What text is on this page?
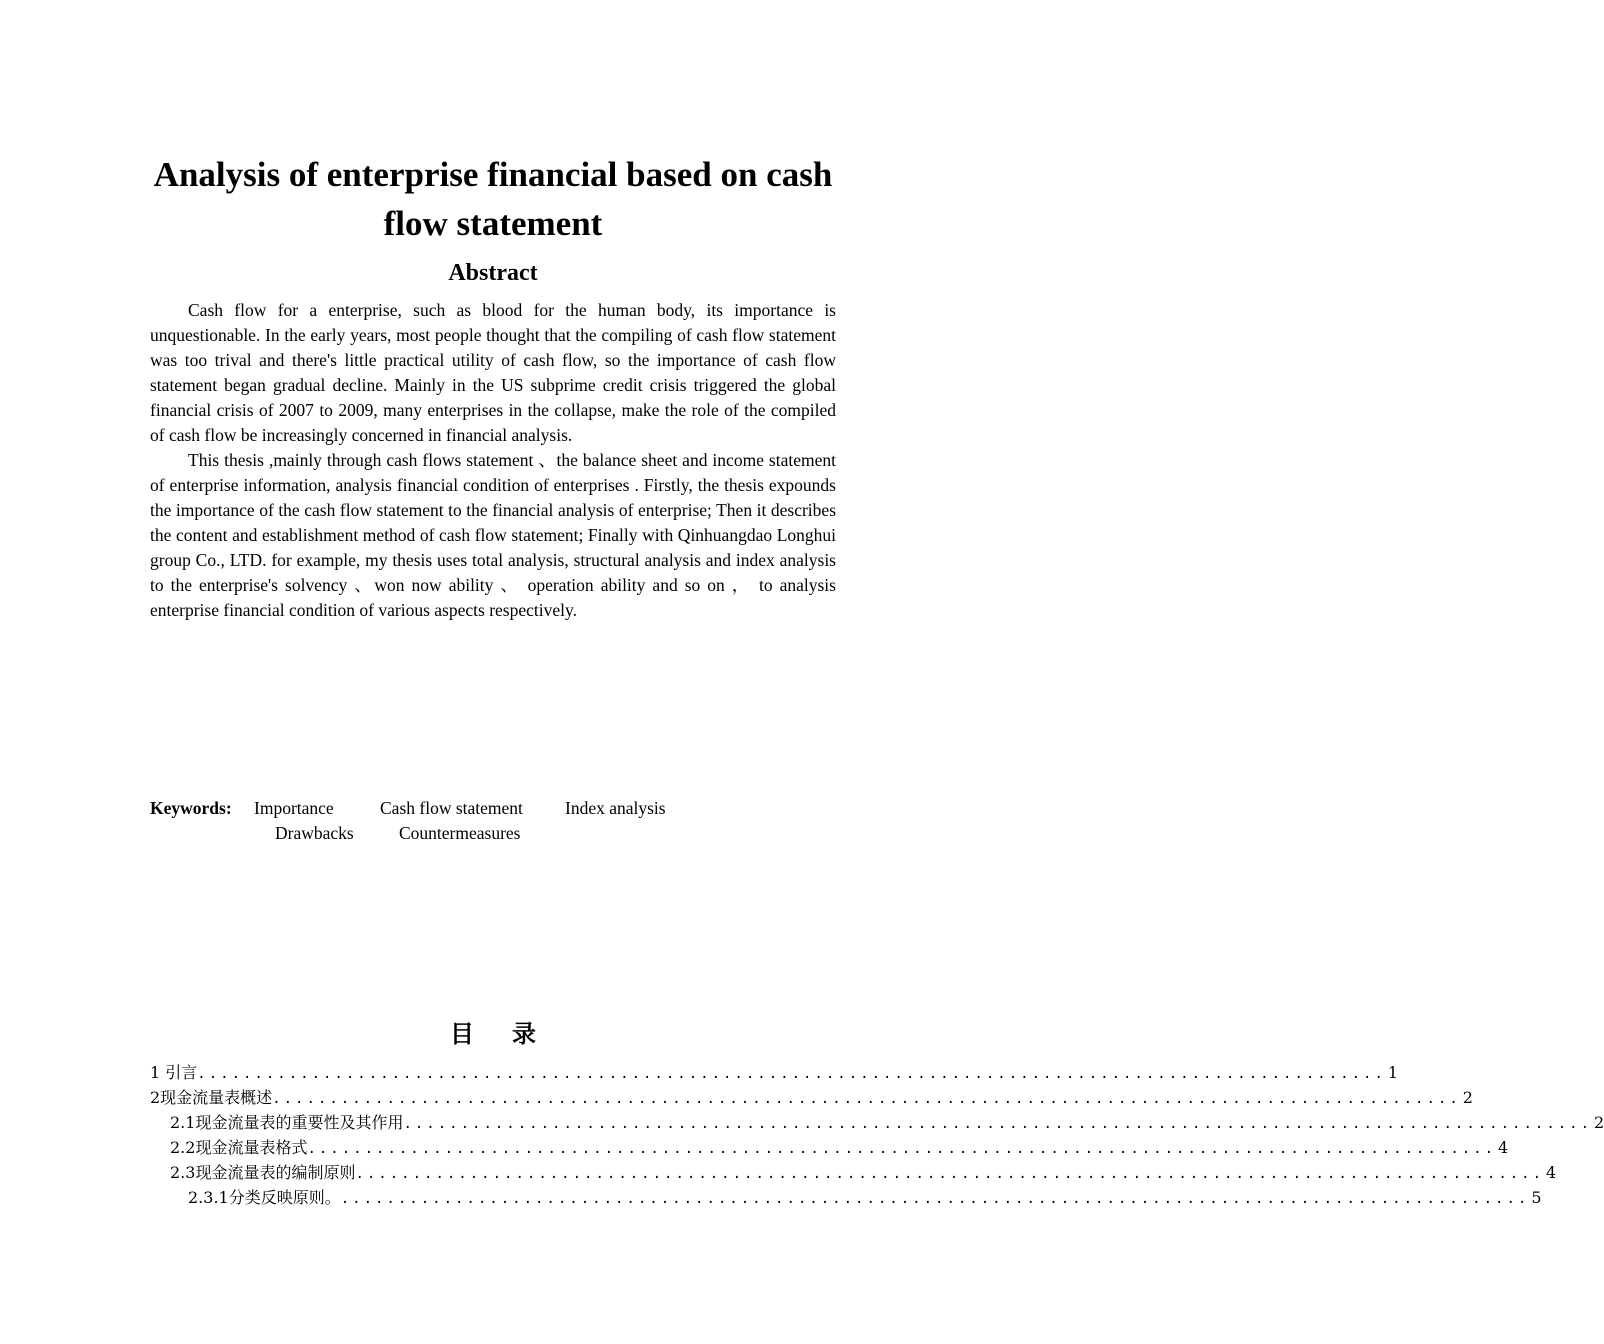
Analysis of enterprise financial based on cash
flow statement
Abstract

Cash flow for a enterprise, such as blood for the human body, its importance is unquestionable. In the early years, most people thought that the compiling of cash flow statement was too trival and there's little practical utility of cash flow, so the importance of cash flow statement began gradual decline. Mainly in the US subprime credit crisis triggered the global financial crisis of 2007 to 2009, many enterprises in the collapse, make the role of the compiled of cash flow be increasingly concerned in financial analysis.

This thesis ,mainly through cash flows statement 、the balance sheet and income statement of enterprise information, analysis financial condition of enterprises . Firstly, the thesis expounds the importance of the cash flow statement to the financial analysis of enterprise; Then it describes the content and establishment method of cash flow statement; Finally with Qinhuangdao Longhui group Co., LTD. for example, my thesis uses total analysis, structural analysis and index analysis to the enterprise's solvency 、won now ability 、 operation ability and so on ， to analysis enterprise financial condition of various aspects respectively.

Keywords: Importance	Cash flow statement Index analysis
Drawbacks	Countermeasures
目录
1 引言 ........................................................................................................ 1
2现金流量表概述 ........................................................................................................ 2
2.1现金流量表的重要性及其作用 ........................................................................................................ 2
2.2现金流量表格式 ........................................................................................................ 4
2.3现金流量表的编制原则 ........................................................................................................ 4
2.3.1分类反映原则。 ........................................................................................................ 5
